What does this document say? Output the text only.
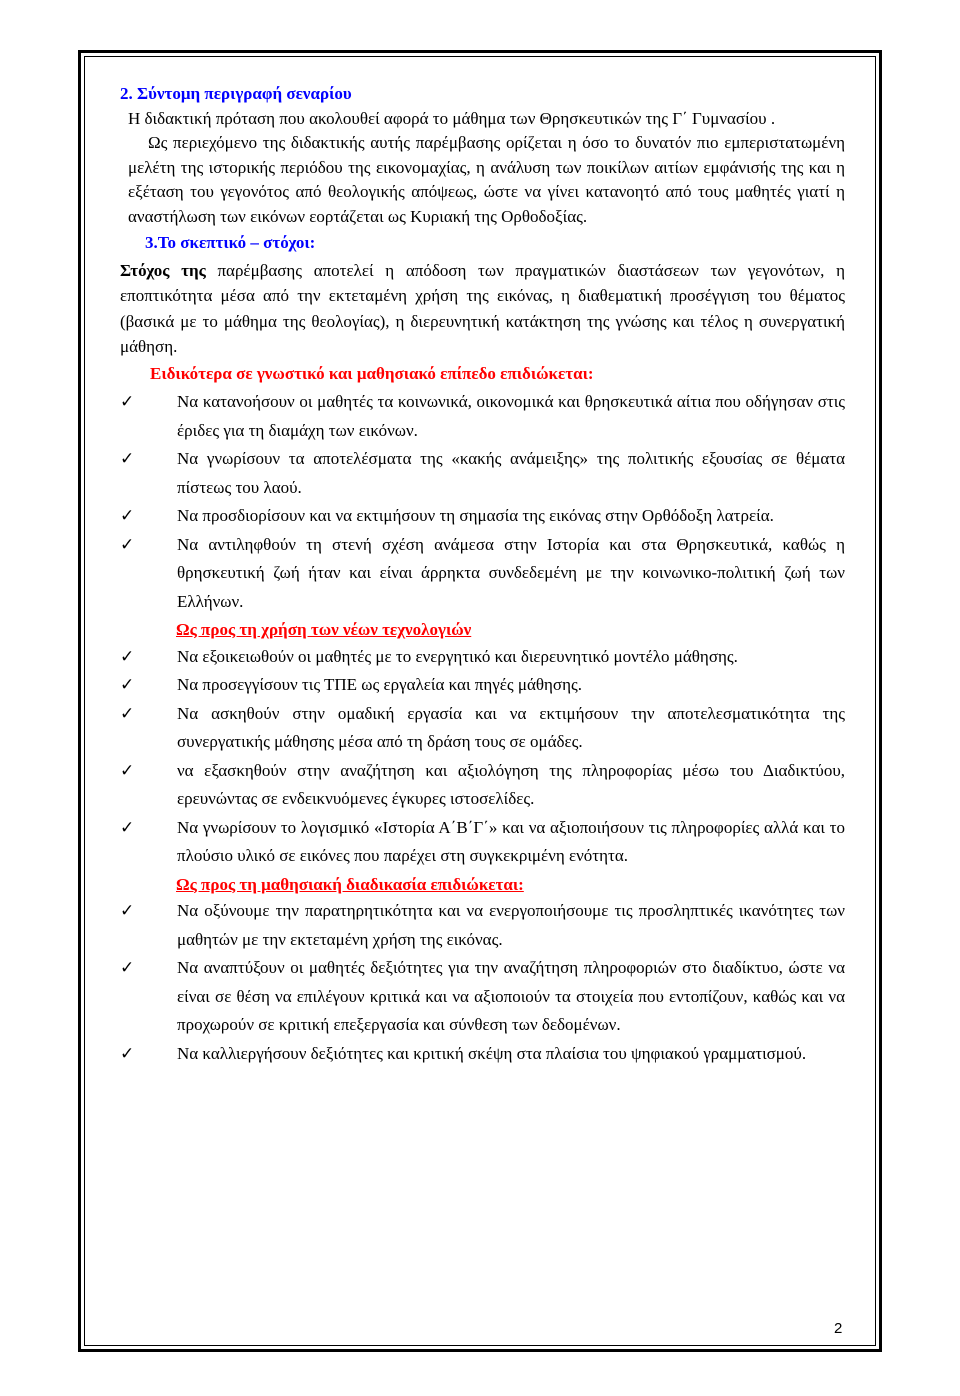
2. Σύντομη περιγραφή σεναρίου

Η διδακτική πρόταση που ακολουθεί αφορά το μάθημα των Θρησκευτικών της Γ΄ Γυμνασίου .

Ως περιεχόμενο της διδακτικής αυτής παρέμβασης ορίζεται η όσο το δυνατόν πιο εμπεριστατωμένη μελέτη της ιστορικής περιόδου της εικονομαχίας, η ανάλυση των ποικίλων αιτίων εμφάνισής της και η εξέταση του γεγονότος από θεολογικής απόψεως, ώστε να γίνει κατανοητό από τους μαθητές γιατί η αναστήλωση των εικόνων εορτάζεται ως Κυριακή της Ορθοδοξίας.

3.Το σκεπτικό – στόχοι:

Στόχος της παρέμβασης αποτελεί η απόδοση των πραγματικών διαστάσεων των γεγονότων, η εποπτικότητα μέσα από την εκτεταμένη χρήση της εικόνας, η διαθεματική προσέγγιση του θέματος (βασικά με το μάθημα της θεολογίας), η διερευνητική κατάκτηση της γνώσης και τέλος η συνεργατική μάθηση.

Ειδικότερα σε γνωστικό και μαθησιακό επίπεδο επιδιώκεται:

✓	Να κατανοήσουν οι μαθητές τα κοινωνικά, οικονομικά και θρησκευτικά αίτια που οδήγησαν στις έριδες για τη διαμάχη των εικόνων.
✓	Να γνωρίσουν τα αποτελέσματα της «κακής ανάμειξης» της πολιτικής εξουσίας σε θέματα πίστεως του λαού.
✓	Να προσδιορίσουν και να εκτιμήσουν τη σημασία της εικόνας στην Ορθόδοξη λατρεία.
✓	Να αντιληφθούν τη στενή σχέση ανάμεσα στην Ιστορία και στα Θρησκευτικά, καθώς η θρησκευτική ζωή ήταν και είναι άρρηκτα συνδεδεμένη με την κοινωνικο-πολιτική ζωή των Ελλήνων.

Ως προς τη χρήση των νέων τεχνολογιών

✓	Να εξοικειωθούν οι μαθητές με το ενεργητικό και διερευνητικό μοντέλο μάθησης.
✓	Να προσεγγίσουν τις ΤΠΕ ως εργαλεία και πηγές μάθησης.
✓	Να ασκηθούν στην ομαδική εργασία και να εκτιμήσουν την αποτελεσματικότητα της συνεργατικής μάθησης μέσα από τη δράση τους σε ομάδες.
✓	να εξασκηθούν στην αναζήτηση και αξιολόγηση της πληροφορίας μέσω του Διαδικτύου, ερευνώντας σε ενδεικνυόμενες έγκυρες ιστοσελίδες.
✓	Να γνωρίσουν το λογισμικό «Ιστορία Α΄Β΄Γ΄» και να αξιοποιήσουν τις πληροφορίες αλλά και το πλούσιο υλικό σε εικόνες που παρέχει στη συγκεκριμένη ενότητα.

Ως προς τη μαθησιακή διαδικασία επιδιώκεται:

✓	Να οξύνουμε την παρατηρητικότητα και να ενεργοποιήσουμε τις προσληπτικές ικανότητες των μαθητών με την εκτεταμένη χρήση της εικόνας.
✓	Να αναπτύξουν οι μαθητές δεξιότητες για την αναζήτηση πληροφοριών στο διαδίκτυο, ώστε να είναι σε θέση να επιλέγουν κριτικά και να αξιοποιούν τα στοιχεία που εντοπίζουν, καθώς και να προχωρούν σε κριτική επεξεργασία και σύνθεση των δεδομένων.
✓	Να καλλιεργήσουν δεξιότητες και κριτική σκέψη στα πλαίσια του ψηφιακού γραμματισμού.
2
